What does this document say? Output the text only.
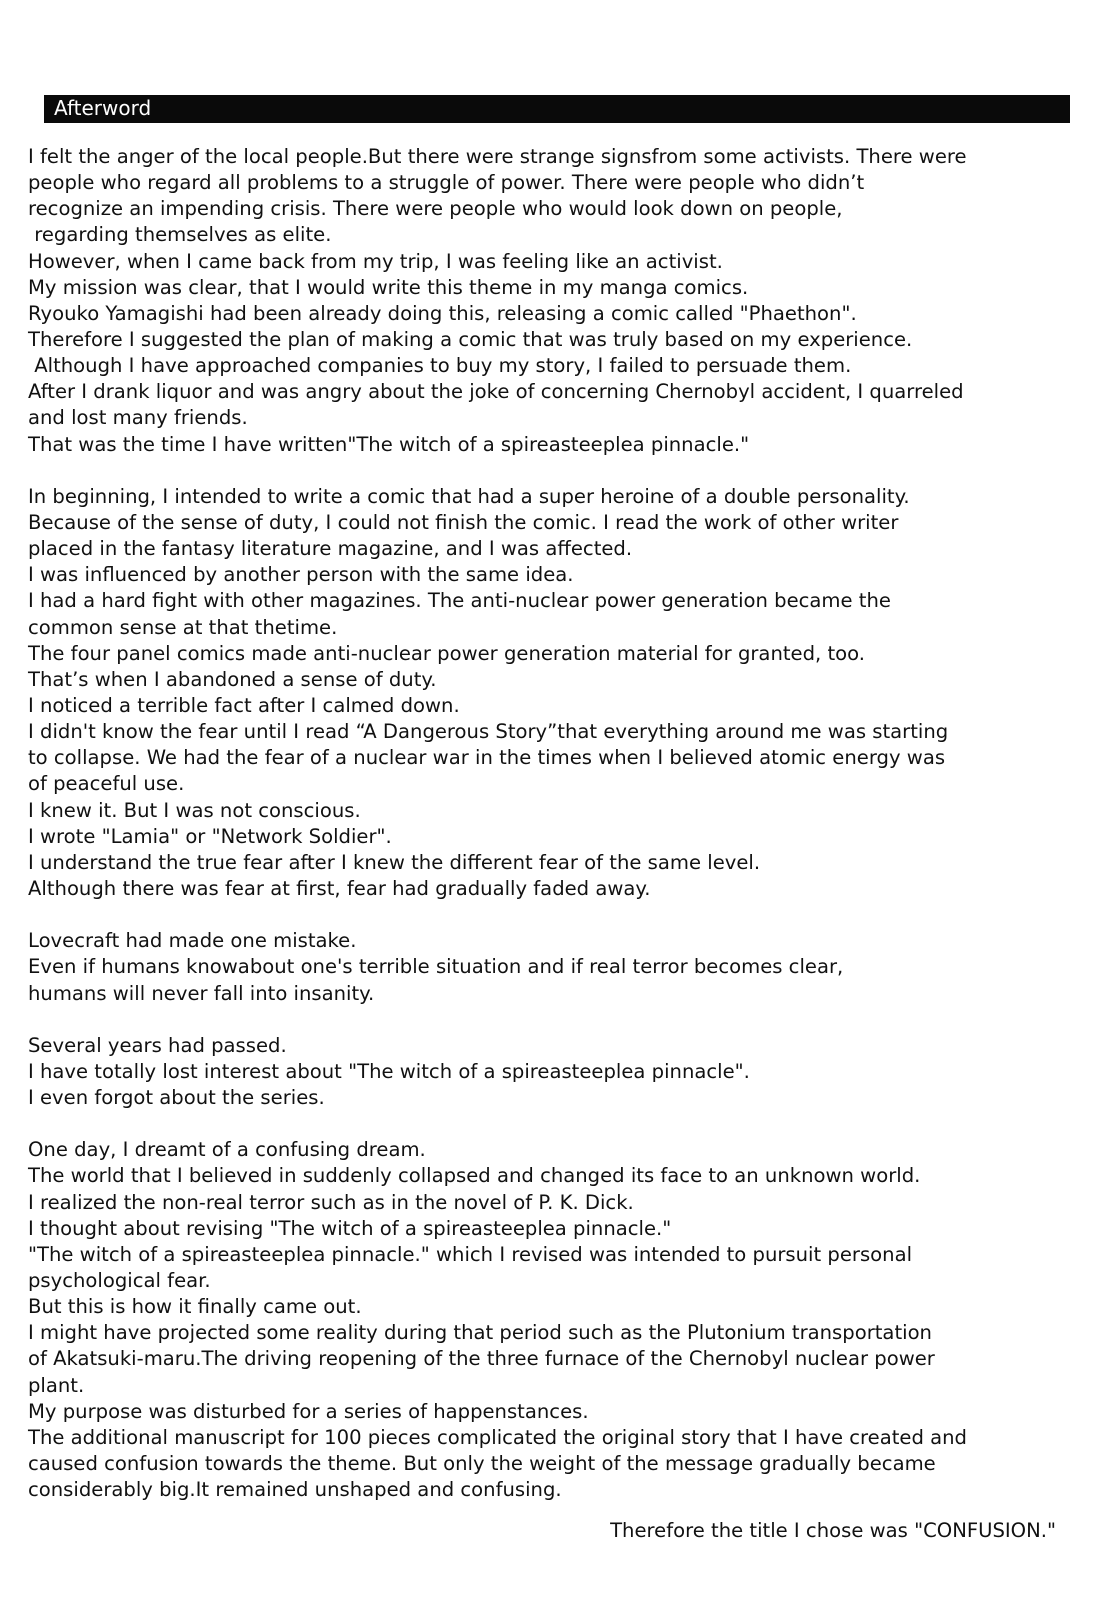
Afterword
I felt the anger of the local people.But there were strange signsfrom some activists. There were
people who regard all problems to a struggle of power. There were people who didn’t
recognize an impending crisis. There were people who would look down on people,
regarding themselves as elite.
However, when I came back from my trip, I was feeling like an activist.
My mission was clear, that I would write this theme in my manga comics.
Ryouko Yamagishi had been already doing this, releasing a comic called "Phaethon".
Therefore I suggested the plan of making a comic that was truly based on my experience.
Although I have approached companies to buy my story, I failed to persuade them.
After I drank liquor and was angry about the joke of concerning Chernobyl accident, I quarreled
and lost many friends.
That was the time I have written"The witch of a spireasteeplea pinnacle."
In beginning, I intended to write a comic that had a super heroine of a double personality.
Because of the sense of duty, I could not finish the comic. I read the work of other writer
placed in the fantasy literature magazine, and I was affected.
I was influenced by another person with the same idea.
I had a hard fight with other magazines. The anti-nuclear power generation became the
common sense at that thetime.
The four panel comics made anti-nuclear power generation material for granted, too.
That’s when I abandoned a sense of duty.
I noticed a terrible fact after I calmed down.
I didn't know the fear until I read “A Dangerous Story”that everything around me was starting
to collapse. We had the fear of a nuclear war in the times when I believed atomic energy was
of peaceful use.
I knew it. But I was not conscious.
I wrote "Lamia" or "Network Soldier".
I understand the true fear after I knew the different fear of the same level.
Although there was fear at first, fear had gradually faded away.
Lovecraft had made one mistake.
Even if humans knowabout one's terrible situation and if real terror becomes clear,
humans will never fall into insanity.
Several years had passed.
I have totally lost interest about "The witch of a spireasteeplea pinnacle".
I even forgot about the series.
One day, I dreamt of a confusing dream.
The world that I believed in suddenly collapsed and changed its face to an unknown world.
I realized the non-real terror such as in the novel of P. K. Dick.
I thought about revising "The witch of a spireasteeplea pinnacle."
"The witch of a spireasteeplea pinnacle." which I revised was intended to pursuit personal
psychological fear.
But this is how it finally came out.
I might have projected some reality during that period such as the Plutonium transportation
of Akatsuki-maru.The driving reopening of the three furnace of the Chernobyl nuclear power
plant.
My purpose was disturbed for a series of happenstances.
The additional manuscript for 100 pieces complicated the original story that I have created and
caused confusion towards the theme. But only the weight of the message gradually became
considerably big.It remained unshaped and confusing.
Therefore the title I chose was "CONFUSION."
